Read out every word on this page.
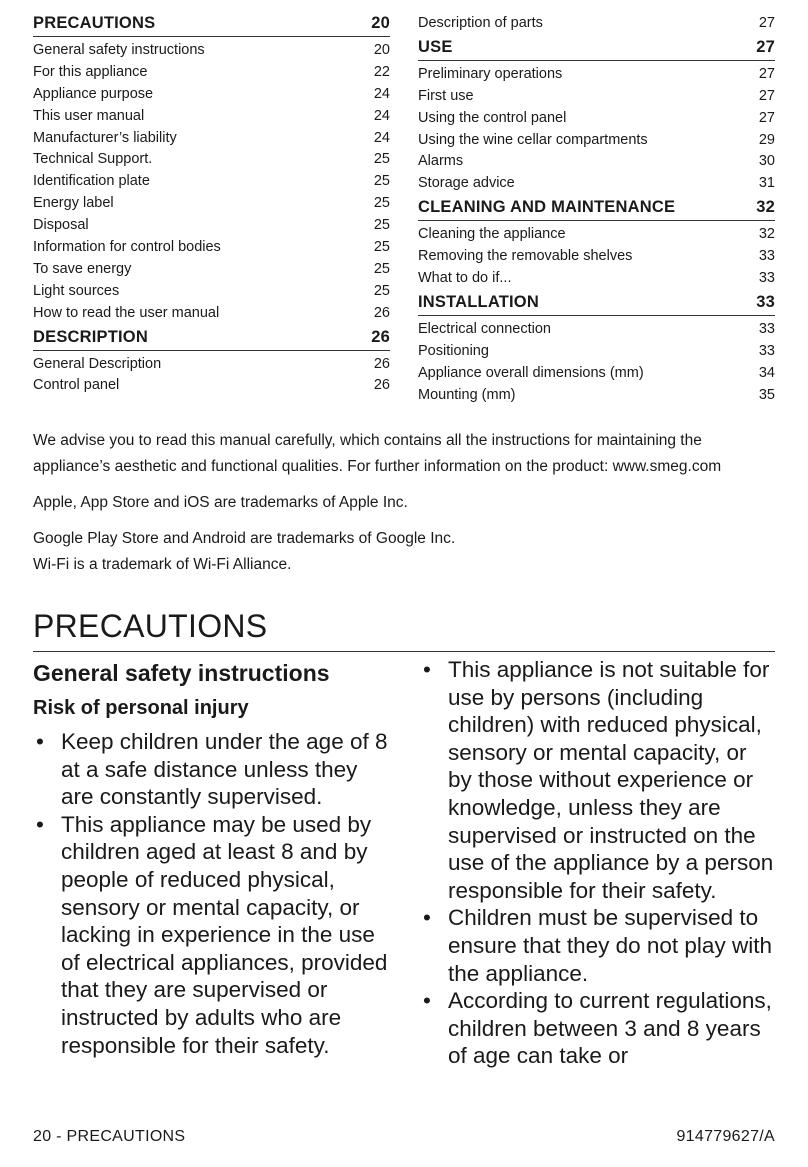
PRECAUTIONS	20
General safety instructions	20
For this appliance	22
Appliance purpose	24
This user manual	24
Manufacturer’s liability	24
Technical Support.	25
Identification plate	25
Energy label	25
Disposal	25
Information for control bodies	25
To save energy	25
Light sources	25
How to read the user manual	26
DESCRIPTION	26
General Description	26
Control panel	26
Description of parts	27
USE	27
Preliminary operations	27
First use	27
Using the control panel	27
Using the wine cellar compartments	29
Alarms	30
Storage advice	31
CLEANING AND MAINTENANCE	32
Cleaning the appliance	32
Removing the removable shelves	33
What to do if...	33
INSTALLATION	33
Electrical connection	33
Positioning	33
Appliance overall dimensions (mm)	34
Mounting (mm)	35

We advise you to read this manual carefully, which contains all the instructions for maintaining the appliance’s aesthetic and functional qualities. For further information on the product: www.smeg.com

Apple, App Store and iOS are trademarks of Apple Inc.

Google Play Store and Android are trademarks of Google Inc.

Wi-Fi is a trademark of Wi-Fi Alliance.

PRECAUTIONS
General safety instructions
Risk of personal injury
• Keep children under the age of 8 at a safe distance unless they are constantly supervised.
• This appliance may be used by children aged at least 8 and by people of reduced physical, sensory or mental capacity, or lacking in experience in the use of electrical appliances, provided that they are supervised or instructed by adults who are responsible for their safety.
• This appliance is not suitable for use by persons (including children) with reduced physical, sensory or mental capacity, or by those without experience or knowledge, unless they are supervised or instructed on the use of the appliance by a person responsible for their safety.
• Children must be supervised to ensure that they do not play with the appliance.
• According to current regulations, children between 3 and 8 years of age can take or
20 - PRECAUTIONS	914779627/A
